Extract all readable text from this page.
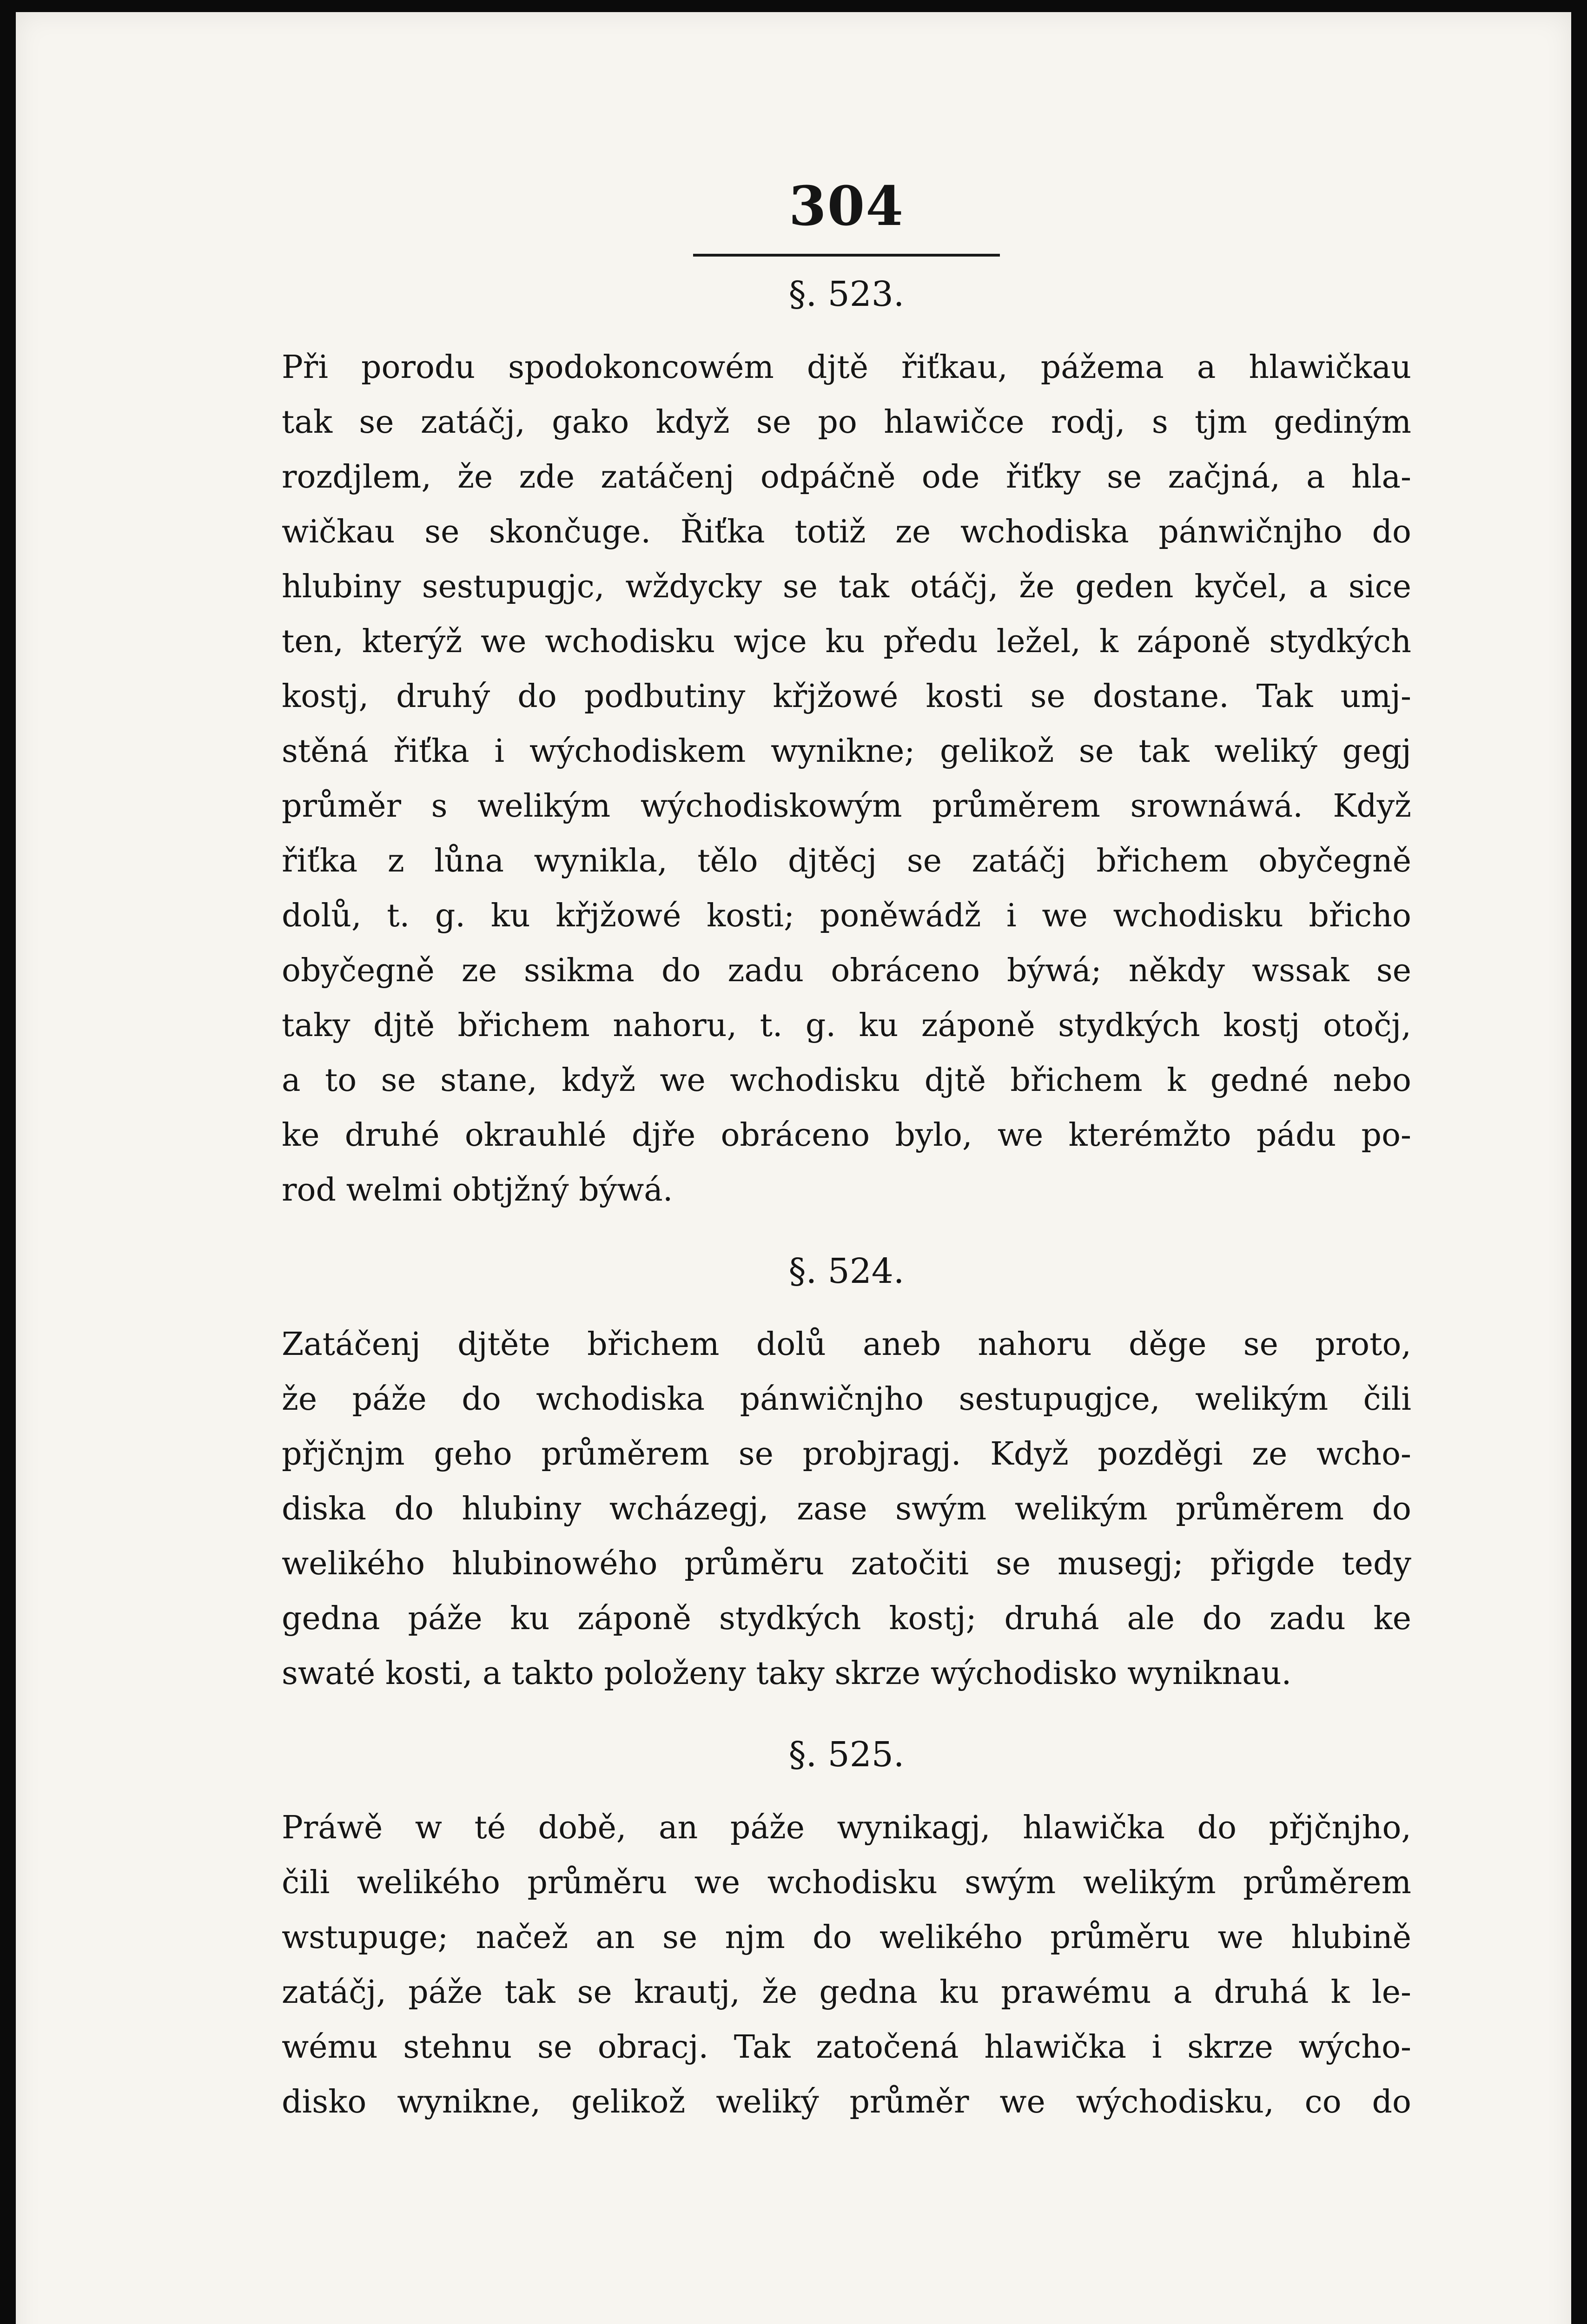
304
§. 523.
Při porodu spodokoncowém djtě řiťkau, pážema a hlawičkau
tak se zatáčj, gako když se po hlawičce rodj, s tjm gediným
rozdjlem, že zde zatáčenj odpáčně ode řiťky se začjná, a hla-
wičkau se skončuge. Řiťka totiž ze wchodiska pánwičnjho do
hlubiny sestupugjc, wždycky se tak otáčj, že geden kyčel, a sice
ten, kterýž we wchodisku wjce ku předu ležel, k záponě stydkých
kostj, druhý do podbutiny křjžowé kosti se dostane. Tak umj-
stěná řiťka i wýchodiskem wynikne; gelikož se tak weliký gegj
průměr s welikým wýchodiskowým průměrem srownáwá. Když
řiťka z lůna wynikla, tělo djtěcj se zatáčj břichem obyčegně
dolů, t. g. ku křjžowé kosti; poněwádž i we wchodisku břicho
obyčegně ze ssikma do zadu obráceno býwá; někdy wssak se
taky djtě břichem nahoru, t. g. ku záponě stydkých kostj otočj,
a to se stane, když we wchodisku djtě břichem k gedné nebo
ke druhé okrauhlé djře obráceno bylo, we kterémžto pádu po-
rod welmi obtjžný býwá.
§. 524.
Zatáčenj djtěte břichem dolů aneb nahoru děge se proto,
že páže do wchodiska pánwičnjho sestupugjce, welikým čili
přjčnjm geho průměrem se probjragj. Když pozděgi ze wcho-
diska do hlubiny wcházegj, zase swým welikým průměrem do
welikého hlubinowého průměru zatočiti se musegj; přigde tedy
gedna páže ku záponě stydkých kostj; druhá ale do zadu ke
swaté kosti, a takto položeny taky skrze wýchodisko wyniknau.
§. 525.
Práwě w té době, an páže wynikagj, hlawička do přjčnjho,
čili welikého průměru we wchodisku swým welikým průměrem
wstupuge; načež an se njm do welikého průměru we hlubině
zatáčj, páže tak se krautj, že gedna ku prawému a druhá k le-
wému stehnu se obracj. Tak zatočená hlawička i skrze wýcho-
disko wynikne, gelikož weliký průměr we wýchodisku, co do
